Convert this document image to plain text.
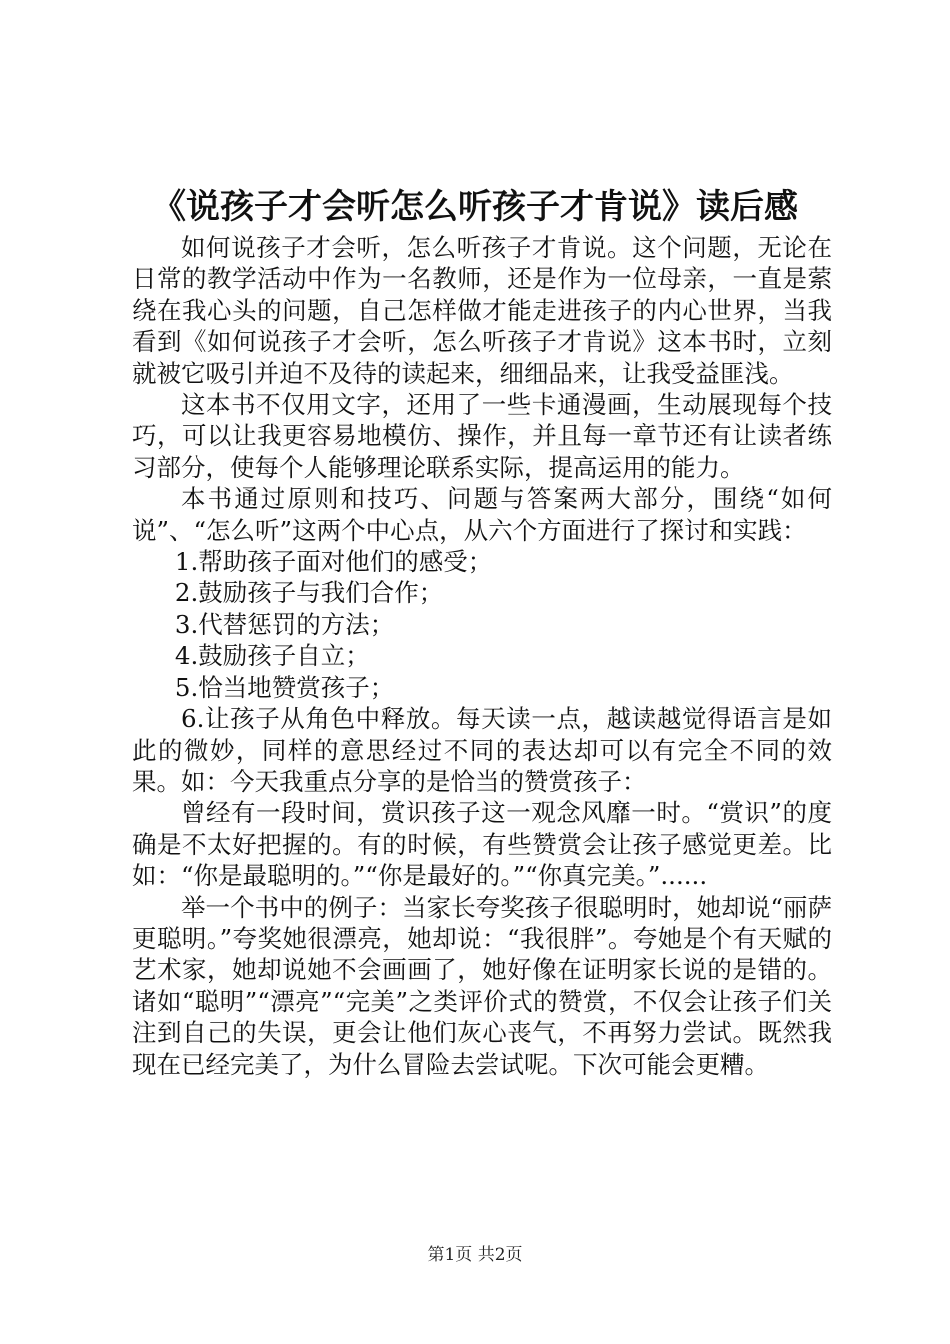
《说孩子才会听怎么听孩子才肯说》读后感

如何说孩子才会听，怎么听孩子才肯说。这个问题，无论在日常的教学活动中作为一名教师，还是作为一位母亲，一直是萦绕在我心头的问题，自己怎样做才能走进孩子的内心世界，当我看到《如何说孩子才会听，怎么听孩子才肯说》这本书时，立刻就被它吸引并迫不及待的读起来，细细品来，让我受益匪浅。

这本书不仅用文字，还用了一些卡通漫画，生动展现每个技巧，可以让我更容易地模仿、操作，并且每一章节还有让读者练习部分，使每个人能够理论联系实际，提高运用的能力。

本书通过原则和技巧、问题与答案两大部分，围绕“如何说”、“怎么听”这两个中心点，从六个方面进行了探讨和实践：

1.帮助孩子面对他们的感受；

2.鼓励孩子与我们合作；

3.代替惩罚的方法；

4.鼓励孩子自立；

5.恰当地赞赏孩子；

6.让孩子从角色中释放。每天读一点，越读越觉得语言是如此的微妙，同样的意思经过不同的表达却可以有完全不同的效果。如：今天我重点分享的是恰当的赞赏孩子：

曾经有一段时间，赏识孩子这一观念风靡一时。“赏识”的度确是不太好把握的。有的时候，有些赞赏会让孩子感觉更差。比如：“你是最聪明的。”“你是最好的。”“你真完美。”......

举一个书中的例子：当家长夸奖孩子很聪明时，她却说“丽萨更聪明。”夸奖她很漂亮，她却说：“我很胖”。夸她是个有天赋的艺术家，她却说她不会画画了，她好像在证明家长说的是错的。诸如“聪明”“漂亮”“完美”之类评价式的赞赏，不仅会让孩子们关注到自己的失误，更会让他们灰心丧气，不再努力尝试。既然我现在已经完美了，为什么冒险去尝试呢。下次可能会更糟。

第1页 共2页
